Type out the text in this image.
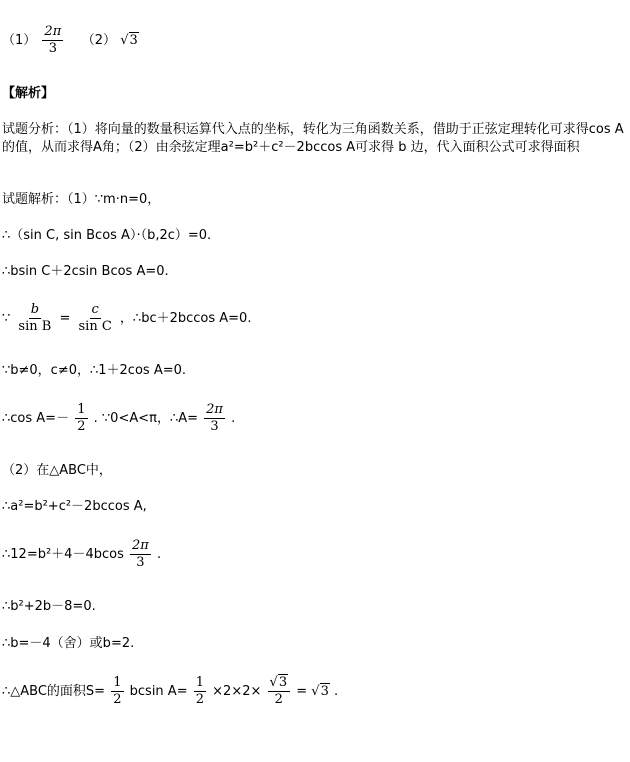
$(1) \frac{2\pi}{3} (2)$ √3
【解析】
试题分析：（1）将向量的数量积运算代入点的坐标，转化为三角函数关系，借助于正弦定理转化可求得cos A的值，从而求得A角；（2）由余弦定理a²=b²＋c²－2bccos A可求得 b 边，代入面积公式可求得面积
试题解析：（1）∵m·n=0，
∴（sin C, sin Bcos A）·（b,2c）=0.
∴bsin C＋2csin Bcos A=0.
∵ $\frac{b}{\text{sin B}} = \frac{c}{\text{sin C}}$ ，∴bc＋2bccos A=0.
∵b≠0，c≠0，∴1＋2cos A=0.
∴cos $A=- \frac{1}{2}$ . ∵0<A<π，∴A= $\frac{2\pi}{3}$ .
（2）在△ABC中，
∴a²=b²+c²－2bccos A,
∴12=b²＋4－4bcos $\frac{2\pi}{3}$ .
∴b²+2b－8=0.
∴b=－4（舍）或b=2.
∴△ABC的面积$S= \frac{1}{2}$ bcsin $A= \frac{1}{2} \times 2\times 2\times \frac{√3}{2} = √3$ .
